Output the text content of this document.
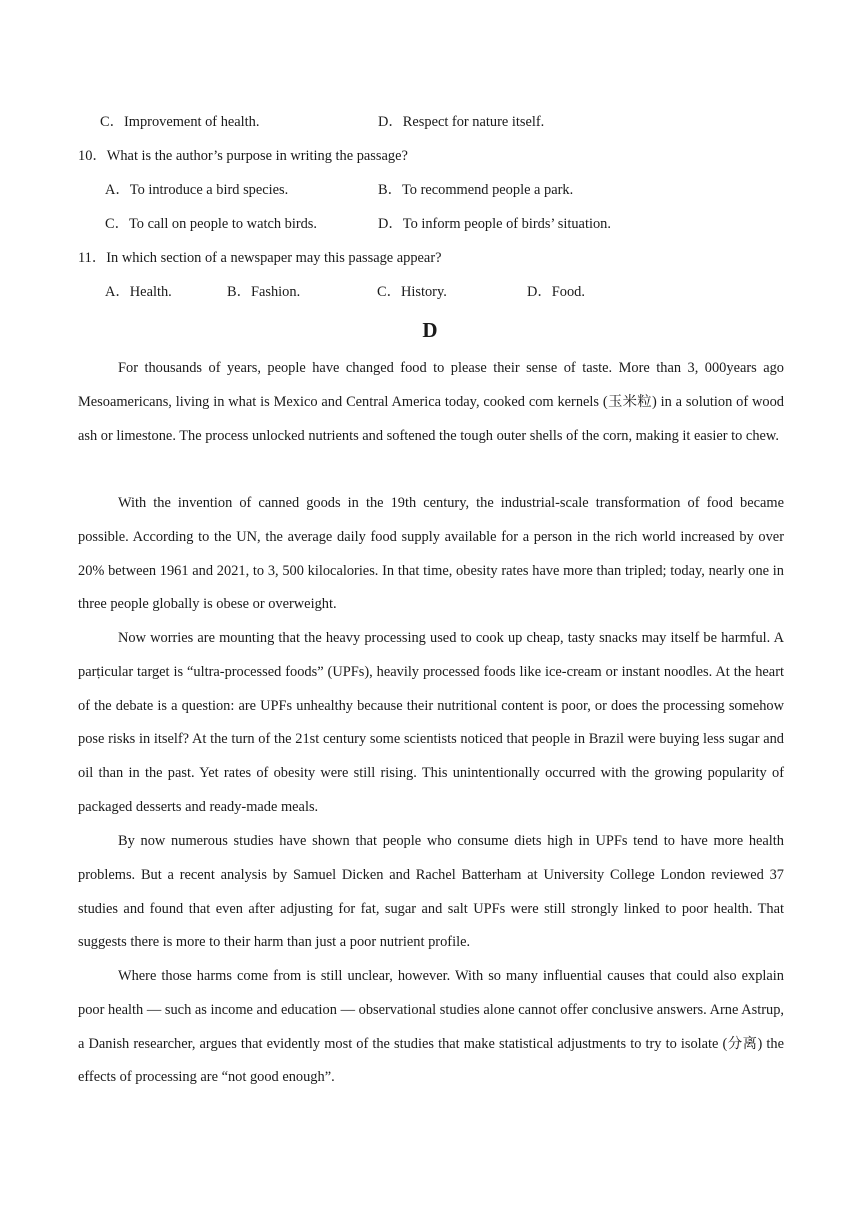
C．Improvement of health.	D．Respect for nature itself.
10．What is the author’s purpose in writing the passage?
A．To introduce a bird species.	B．To recommend people a park.
C．To call on people to watch birds.	D．To inform people of birds’ situation.
11．In which section of a newspaper may this passage appear?
A．Health.	B．Fashion.	C．History.	D．Food.
D
For thousands of years, people have changed food to please their sense of taste. More than 3, 000years ago Mesoamericans, living in what is Mexico and Central America today, cooked com kernels (玉米粒) in a solution of wood ash or limestone. The process unlocked nutrients and softened the tough outer shells of the corn, making it easier to chew.
With the invention of canned goods in the 19th century, the industrial-scale transformation of food became possible. According to the UN, the average daily food supply available for a person in the rich world increased by over 20% between 1961 and 2021, to 3, 500 kilocalories. In that time, obesity rates have more than tripled; today, nearly one in three people globally is obese or overweight.
Now worries are mounting that the heavy processing used to cook up cheap, tasty snacks may itself be harmful. A parṭicular target is “ultra-processed foods” (UPFs), heavily processed foods like ice-cream or instant noodles. At the heart of the debate is a question: are UPFs unhealthy because their nutritional content is poor, or does the processing somehow pose risks in itself? At the turn of the 21st century some scientists noticed that people in Brazil were buying less sugar and oil than in the past. Yet rates of obesity were still rising. This unintentionally occurred with the growing popularity of packaged desserts and ready-made meals.
By now numerous studies have shown that people who consume diets high in UPFs tend to have more health problems. But a recent analysis by Samuel Dicken and Rachel Batterham at University College London reviewed 37 studies and found that even after adjusting for fat, sugar and salt UPFs were still strongly linked to poor health. That suggests there is more to their harm than just a poor nutrient profile.
Where those harms come from is still unclear, however. With so many influential causes that could also explain poor health — such as income and education — observational studies alone cannot offer conclusive answers. Arne Astrup, a Danish researcher, argues that evidently most of the studies that make statistical adjustments to try to isolate (分离) the effects of processing are “not good enough”.
